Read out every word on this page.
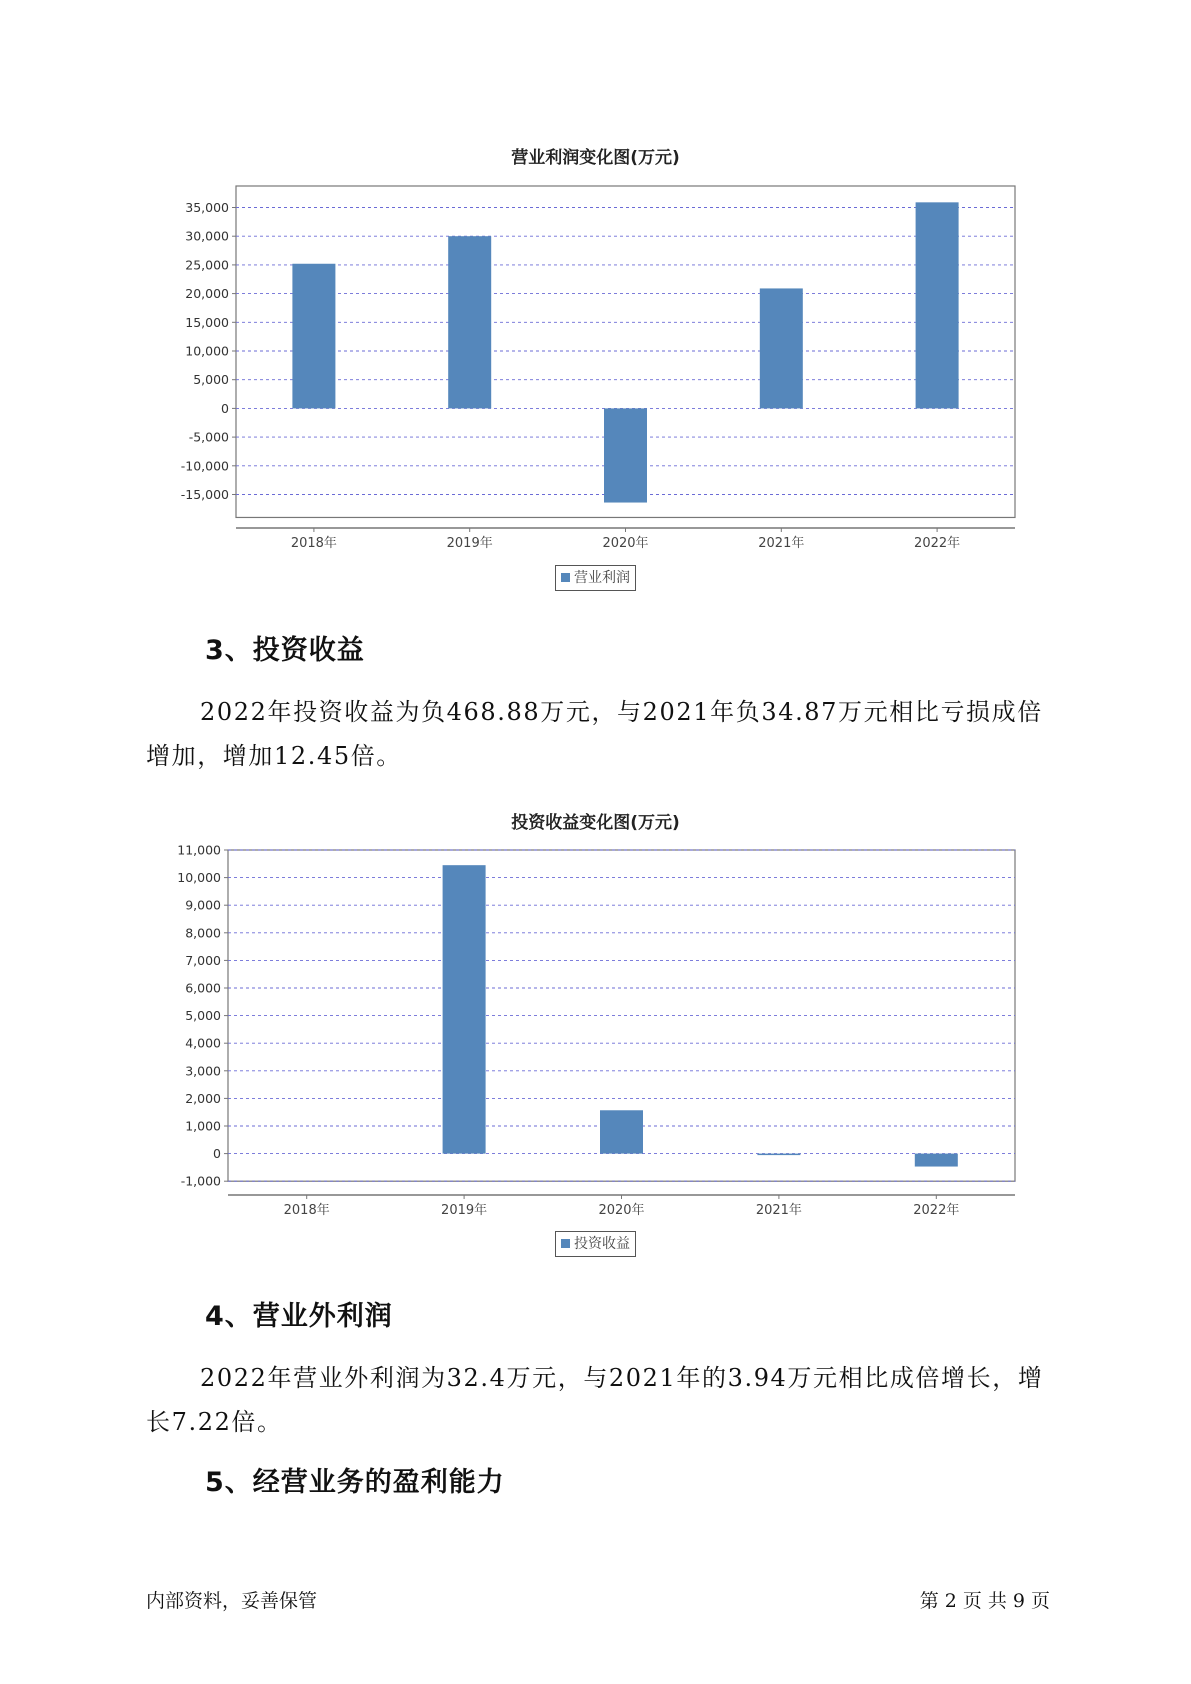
营业利润变化图(万元)
35,000
30,000
25,000
20,000
15,000
10,000
5,000
0
-5,000
-10,000
-15,000
2018年	2019年	2020年	2021年	2022年
营业利润
3、投资收益
2022年投资收益为负468.88万元，与2021年负34.87万元相比亏损成倍增加，增加12.45倍。
投资收益变化图(万元)
11,000
10,000
9,000
8,000
7,000
6,000
5,000
4,000
3,000
2,000
1,000
0
-1,000
2018年	2019年	2020年	2021年	2022年
投资收益
4、营业外利润
2022年营业外利润为32.4万元，与2021年的3.94万元相比成倍增长，增长7.22倍。
5、经营业务的盈利能力
内部资料，妥善保管	第 2 页 共 9 页
